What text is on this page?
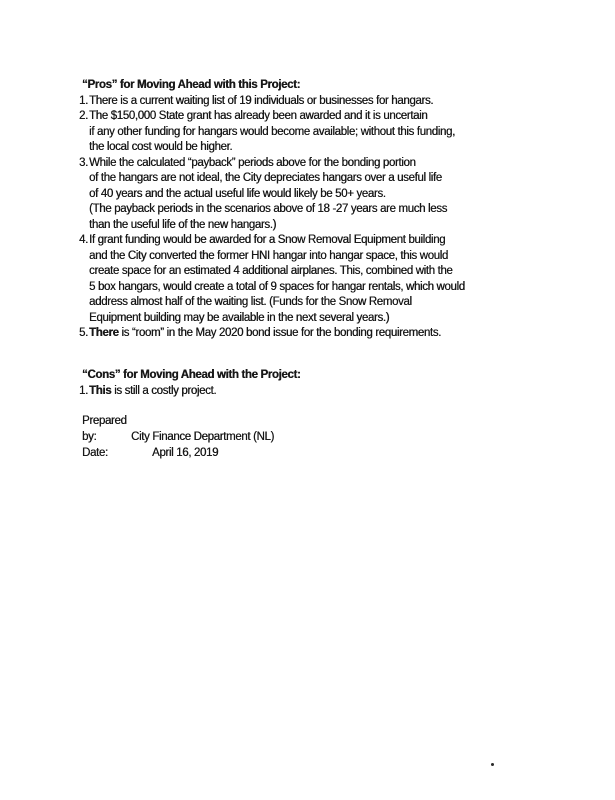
“Pros” for Moving Ahead with this Project:
1. There is a current waiting list of 19 individuals or businesses for hangars.
2. The $150,000 State grant has already been awarded and it is uncertain
if any other funding for hangars would become available; without this funding,
the local cost would be higher.
3. While the calculated “payback” periods above for the bonding portion
of the hangars are not ideal, the City depreciates hangars over a useful life
of 40 years and the actual useful life would likely be 50+ years.
(The payback periods in the scenarios above of 18 -27 years are much less
than the useful life of the new hangars.)
4. If grant funding would be awarded for a Snow Removal Equipment building
and the City converted the former HNI hangar into hangar space, this would
create space for an estimated 4 additional airplanes. This, combined with the
5 box hangars, would create a total of 9 spaces for hangar rentals, which would
address almost half of the waiting list. (Funds for the Snow Removal
Equipment building may be available in the next several years.)
5. There is “room” in the May 2020 bond issue for the bonding requirements.
“Cons” for Moving Ahead with the Project:
1. This is still a costly project.
Prepared by:	City Finance Department (NL)
Date:	April 16, 2019
